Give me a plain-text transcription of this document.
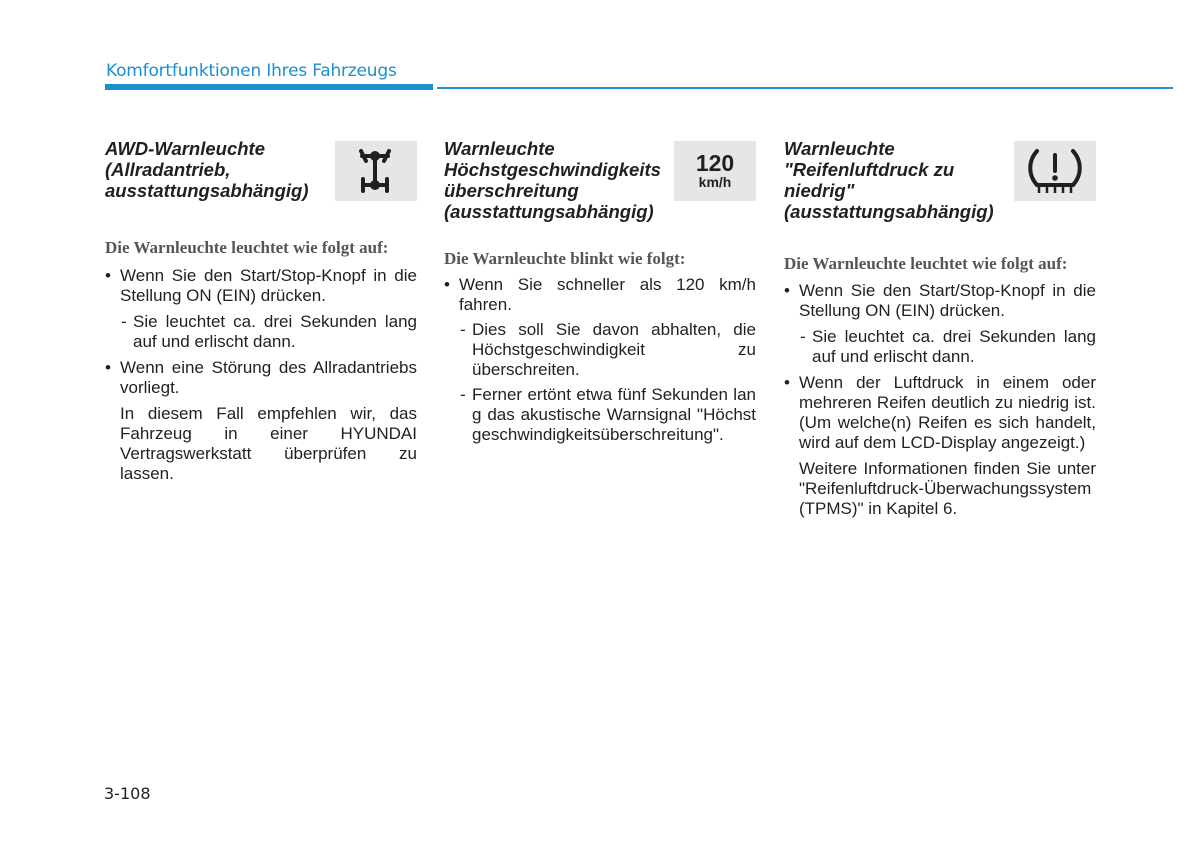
Komfortfunktionen Ihres Fahrzeugs
AWD-Warnleuchte (Allradantrieb, ausstattungsabhängig)

Die Warnleuchte leuchtet wie folgt auf:

• Wenn Sie den Start/Stop-Knopf in die Stellung ON (EIN) drücken.

- Sie leuchtet ca. drei Sekunden lang auf und erlischt dann.

• Wenn eine Störung des Allradantriebs vorliegt.

In diesem Fall empfehlen wir, das Fahrzeug in einer HYUNDAI Vertragswerkstatt überprüfen zu lassen.

Warnleuchte Höchstgeschwindigkeits überschreitung (ausstattungsabhängig)
120
km/h

Die Warnleuchte blinkt wie folgt:

• Wenn Sie schneller als 120 km/h fahren.

- Dies soll Sie davon abhalten, die Höchstgeschwindigkeit zu überschreiten.

- Ferner ertönt etwa fünf Sekunden lang das akustische Warnsignal "Höchstgeschwindigkeitsüberschreitung".

Warnleuchte "Reifenluftdruck zu niedrig" (ausstattungsabhängig)

Die Warnleuchte leuchtet wie folgt auf:

• Wenn Sie den Start/Stop-Knopf in die Stellung ON (EIN) drücken.

- Sie leuchtet ca. drei Sekunden lang auf und erlischt dann.

• Wenn der Luftdruck in einem oder mehreren Reifen deutlich zu niedrig ist. (Um welche(n) Reifen es sich handelt, wird auf dem LCD-Display angezeigt.)

Weitere Informationen finden Sie unter "Reifenluftdruck-Überwachungssystem (TPMS)" in Kapitel 6.

3-108
